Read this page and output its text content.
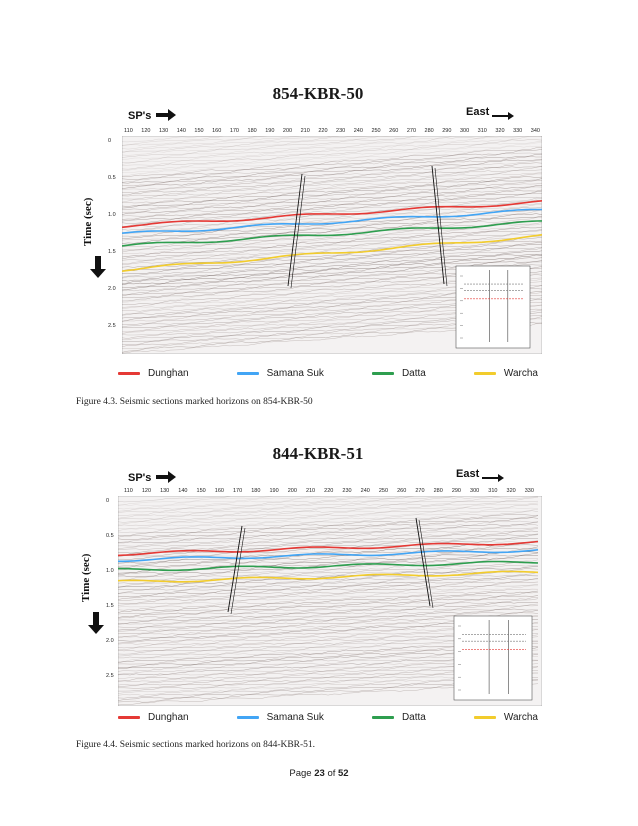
854-KBR-50
SP's	East
110 120 130 140 150 160 170 180 190 200 210 220 230 240 250 260 270 280 290 300 310 320 330 340
0
0.5
1.0
1.5
2.0
2.5
Time (sec)
Dunghan	Samana Suk	Datta	Warcha
Figure 4.3. Seismic sections marked horizons on 854-KBR-50
844-KBR-51
SP's	East
110 120 130 140 150 160 170 180 190 200 210 220 230 240 250 260 270 280 290 300 310 320 330
0
0.5
1.0
1.5
2.0
2.5
Time (sec)
Dunghan	Samana Suk	Datta	Warcha
Figure 4.4. Seismic sections marked horizons on 844-KBR-51.
Page 23 of 52
